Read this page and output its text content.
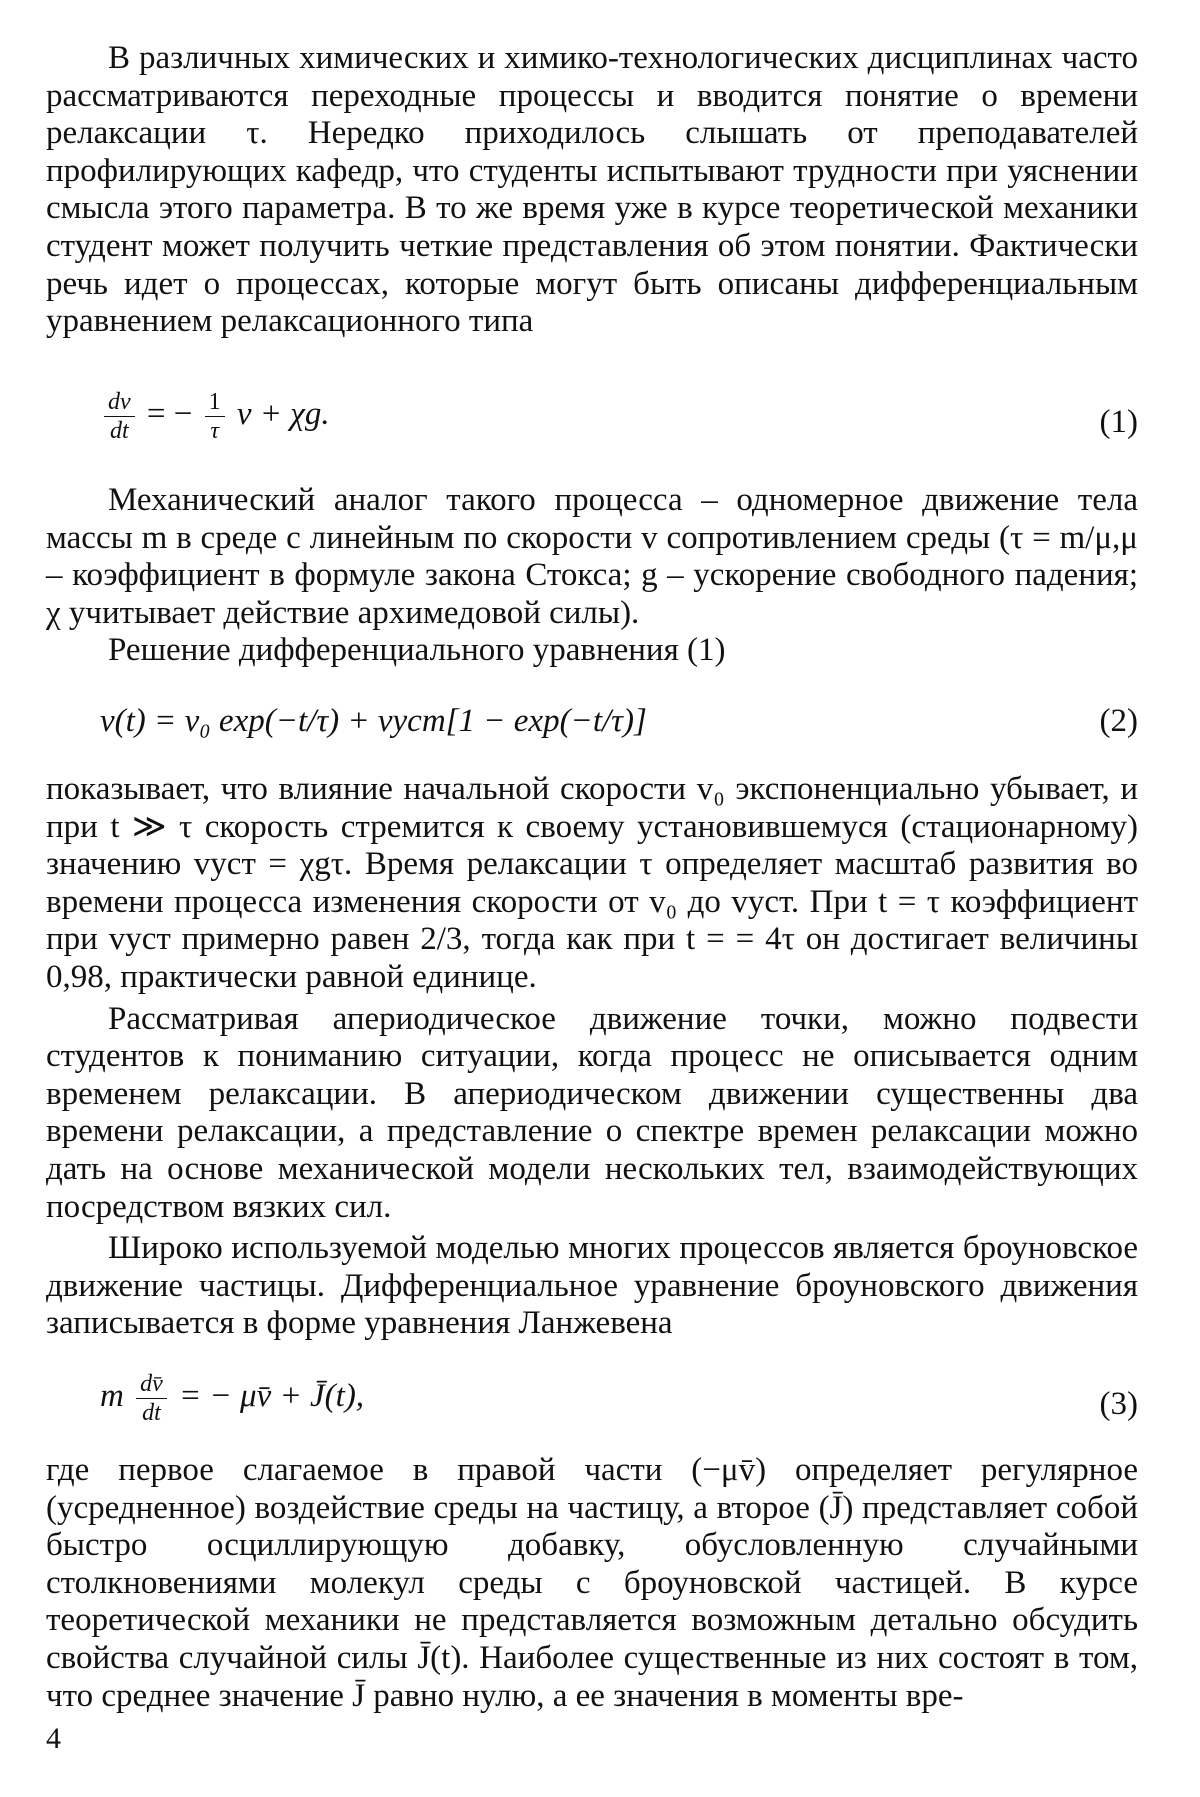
В различных химических и химико-технологических дисциплинах часто рассматриваются переходные процессы и вводится понятие о времени релаксации τ. Нередко приходилось слышать от преподавателей профилирующих кафедр, что студенты испытывают трудности при уяснении смысла этого параметра. В то же время уже в курсе теоретической механики студент может получить четкие представления об этом понятии. Фактически речь идет о процессах, которые могут быть описаны дифференциальным уравнением релаксационного типа

$\frac{dv}{dt}$ = − $\frac{1}{\tau}$ v + χg.	(1)

Механический аналог такого процесса – одномерное движение тела массы m в среде с линейным по скорости v сопротивлением среды (τ = m/μ,μ – коэффициент в формуле закона Стокса; g – ускорение свободного падения; χ учитывает действие архимедовой силы).

Решение дифференциального уравнения (1)

v(t) = v₀ exp(−t/τ) + vуст[1 − exp(−t/τ)]	(2)

показывает, что влияние начальной скорости v₀ экспоненциально убывает, и при t ≫ τ скорость стремится к своему установившемуся (стационарному) значению vуст = χgτ. Время релаксации τ определяет масштаб развития во времени процесса изменения скорости от v₀ до vуст. При t = τ коэффициент при vуст примерно равен 2/3, тогда как при t = = 4τ он достигает величины 0,98, практически равной единице.

Рассматривая апериодическое движение точки, можно подвести студентов к пониманию ситуации, когда процесс не описывается одним временем релаксации. В апериодическом движении существенны два времени релаксации, а представление о спектре времен релаксации можно дать на основе механической модели нескольких тел, взаимодействующих посредством вязких сил.

Широко используемой моделью многих процессов является броуновское движение частицы. Дифференциальное уравнение броуновского движения записывается в форме уравнения Ланжевена

m $\frac{dv̄}{dt}$ = − μv̄ + J̄(t),	(3)

где первое слагаемое в правой части (−μv̄) определяет регулярное (усредненное) воздействие среды на частицу, а второе (J̄) представляет собой быстро осциллирующую добавку, обусловленную случайными столкновениями молекул среды с броуновской частицей. В курсе теоретической механики не представляется возможным детально обсудить свойства случайной силы J̄(t). Наиболее существенные из них состоят в том, что среднее значение J̄ равно нулю, а ее значения в моменты вре-

4
